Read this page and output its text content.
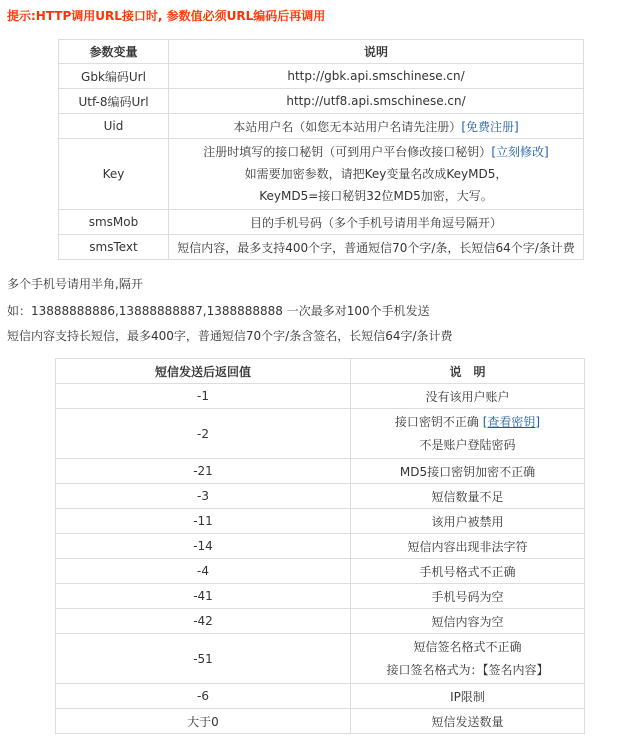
提示:HTTP调用URL接口时, 参数值必须URL编码后再调用
参数变量	说明
Gbk编码Url	http://gbk.api.smschinese.cn/
Utf-8编码Url	http://utf8.api.smschinese.cn/
Uid	本站用户名（如您无本站用户名请先注册）[免费注册]
Key	注册时填写的接口秘钥（可到用户平台修改接口秘钥）[立刻修改]
如需要加密参数，请把Key变量名改成KeyMD5，
KeyMD5=接口秘钥32位MD5加密，大写。

smsMob	目的手机号码（多个手机号请用半角逗号隔开）
smsText	短信内容，最多支持400个字，普通短信70个字/条，长短信64个字/条计费
多个手机号请用半角,隔开
如：13888888886,13888888887,1388888888 一次最多对100个手机发送
短信内容支持长短信，最多400字，普通短信70个字/条含签名，长短信64字/条计费
短信发送后返回值	说　明
-1	没有该用户账户
-2	接口密钥不正确 [查看密钥]
不是账户登陆密码

-21	MD5接口密钥加密不正确
-3	短信数量不足
-11	该用户被禁用
-14	短信内容出现非法字符
-4	手机号格式不正确
-41	手机号码为空
-42	短信内容为空
-51	短信签名格式不正确
接口签名格式为：【签名内容】

-6	IP限制
大于0	短信发送数量
